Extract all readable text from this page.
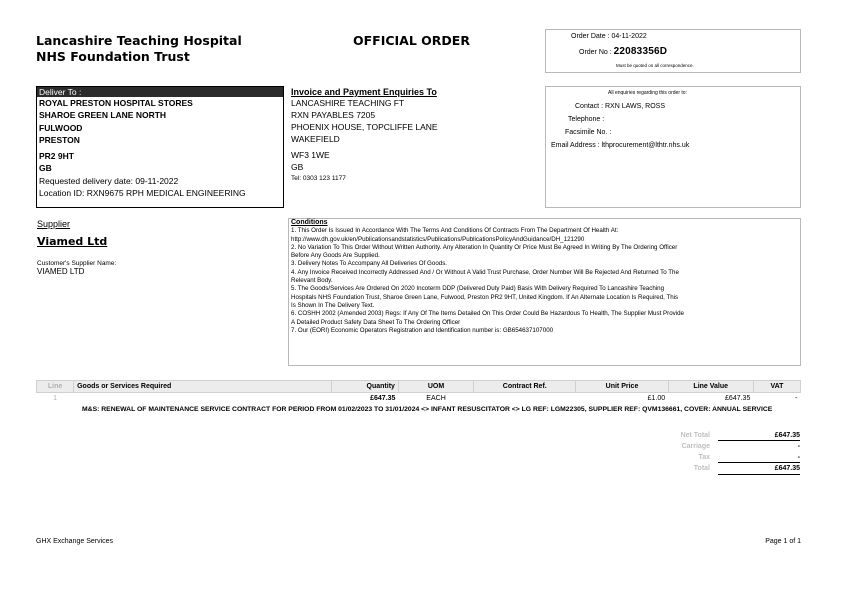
Lancashire Teaching Hospital
NHS Foundation Trust
OFFICIAL ORDER	Order Date : 04-11-2022
Order No : 22083356D
Must be quoted on all correspondence.
Deliver To :
ROYAL PRESTON HOSPITAL STORES
SHAROE GREEN LANE NORTH
FULWOOD
PRESTON
PR2 9HT
GB
Requested delivery date: 09-11-2022
Location ID: RXN9675 RPH MEDICAL ENGINEERING
Invoice and Payment Enquiries To
LANCASHIRE TEACHING FT
RXN PAYABLES 7205
PHOENIX HOUSE, TOPCLIFFE LANE
WAKEFIELD
WF3 1WE
GB
Tel: 0303 123 1177
All enquiries regarding this order to:
Contact : RXN LAWS, ROSS
Telephone :
Facsimile No. :
Email Address : lthprocurement@lthtr.nhs.uk
Supplier
Viamed Ltd
Customer's Supplier Name:
VIAMED LTD
Conditions
1. This Order Is Issued In Accordance With The Terms And Conditions Of Contracts From The Department Of Health At:
http://www.dh.gov.uk/en/Publicationsandstatistics/Publications/PublicationsPolicyAndGuidance/DH_121290
2. No Variation To This Order Without Written Authority. Any Alteration In Quantity Or Price Must Be Agreed In Writing By The Ordering Officer
Before Any Goods Are Supplied.
3. Delivery Notes To Accompany All Deliveries Of Goods.
4. Any Invoice Received Incorrectly Addressed And / Or Without A Valid Trust Purchase, Order Number Will Be Rejected And Returned To The
Relevant Body.
5. The Goods/Services Are Ordered On 2020 Incoterm DDP (Delivered Duty Paid) Basis With Delivery Required To Lancashire Teaching
Hospitals NHS Foundation Trust, Sharoe Green Lane, Fulwood, Preston PR2 9HT, United Kingdom. If An Alternate Location Is Required, This
Is Shown In The Delivery Text.
6. COSHH 2002 (Amended 2003) Regs: If Any Of The Items Detailed On This Order Could Be Hazardous To Health, The Supplier Must Provide
A Detailed Product Safety Data Sheet To The Ordering Officer
7. Our (EORI) Economic Operators Registration and Identification number is: GB654637107000
Line	Goods or Services Required	Quantity	UOM	Contract Ref.	Unit Price	Line Value	VAT
1		£647.35	EACH		£1.00	£647.35	-
M&S: RENEWAL OF MAINTENANCE SERVICE CONTRACT FOR PERIOD FROM 01/02/2023 TO 31/01/2024 <> INFANT RESUSCITATOR <> LG REF: LGM22305, SUPPLIER REF: QVM136661, COVER: ANNUAL SERVICE
Net Total	£647.35
Carriage	-
Tax	-
Total	£647.35
GHX Exchange Services	Page 1 of 1
